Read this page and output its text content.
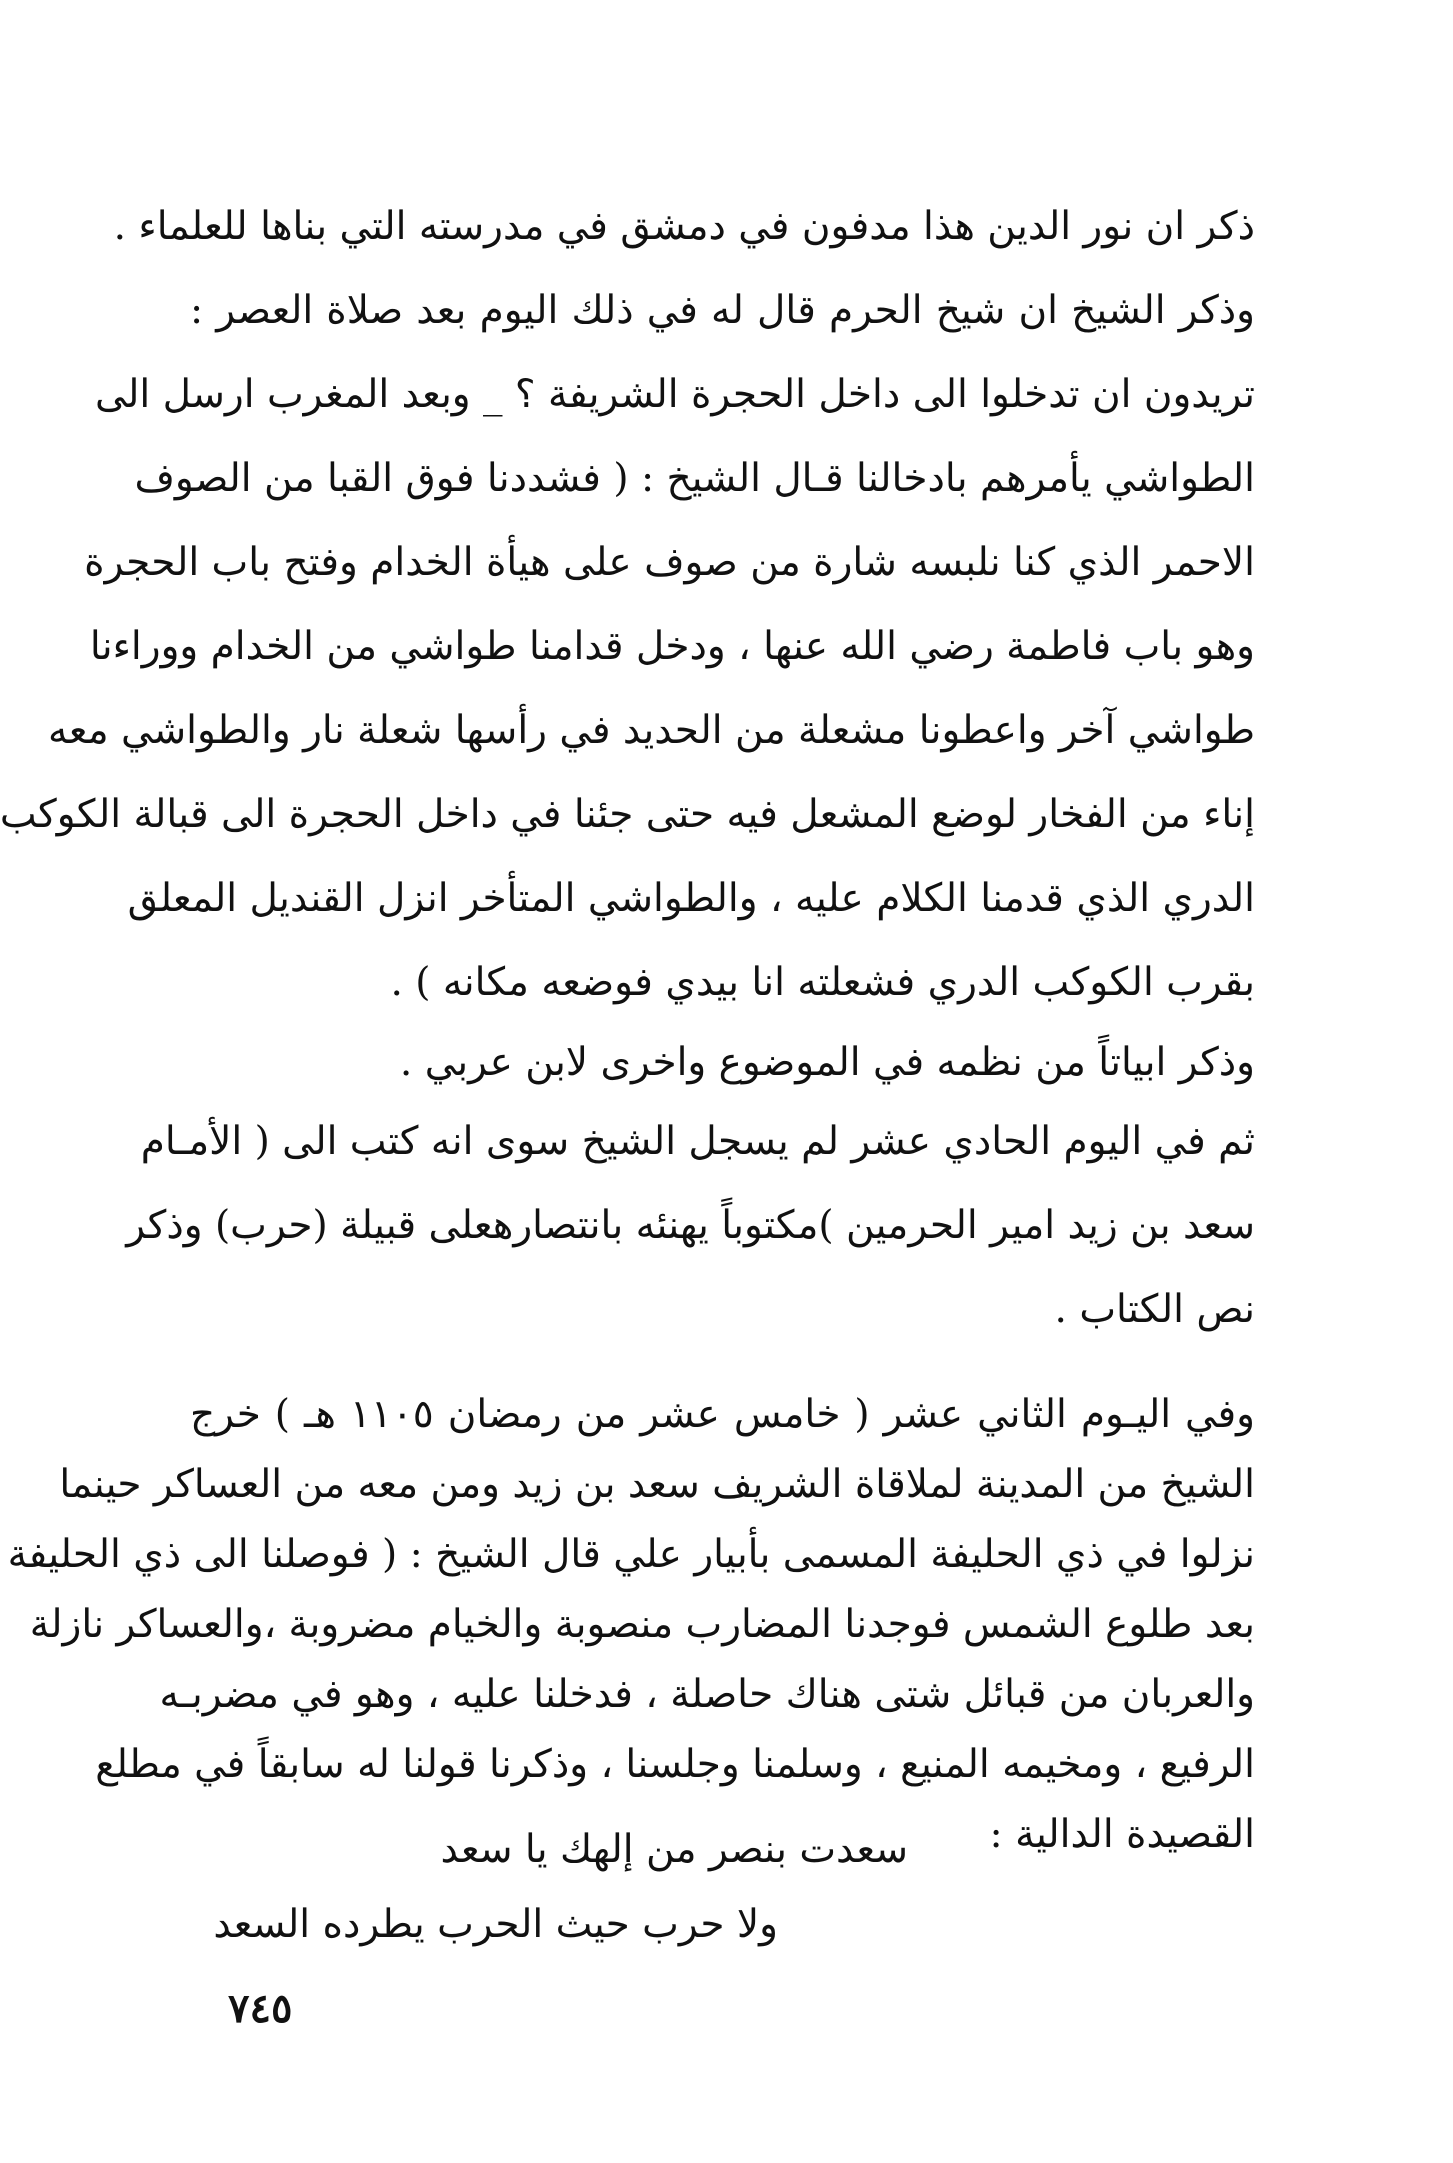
ذكر ان نور الدين هذا مدفون في دمشق في مدرسته التي بناها للعلماء .
وذكر الشيخ ان شيخ الحرم قال له في ذلك اليوم بعد صلاة العصر :
تريدون ان تدخلوا الى داخل الحجرة الشريفة ؟ _ وبعد المغرب ارسل الى
الطواشي يأمرهم بادخالنا قـال الشيخ : ( فشددنا فوق القبا من الصوف
الاحمر الذي كنا نلبسه شارة من صوف على هيأة الخدام وفتح باب الحجرة
وهو باب فاطمة رضي الله عنها ، ودخل قدامنا طواشي من الخدام ووراءنا
طواشي آخر واعطونا مشعلة من الحديد في رأسها شعلة نار والطواشي معه
إناء من الفخار لوضع المشعل فيه حتى جئنا في داخل الحجرة الى قبالة الكوكب
الدري الذي قدمنا الكلام عليه ، والطواشي المتأخر انزل القنديل المعلق
بقرب الكوكب الدري فشعلته انا بيدي فوضعه مكانه ) .
وذكر ابياتاً من نظمه في الموضوع واخرى لابن عربي .
ثم في اليوم الحادي عشر لم يسجل الشيخ سوى انه كتب الى ( الأمـام
سعد بن زيد امير الحرمين )مكتوباً يهنئه بانتصارهعلى قبيلة (حرب) وذكر
نص الكتاب .
وفي اليـوم الثاني عشر ( خامس عشر من رمضان ١١٠٥ هـ ) خرج
الشيخ من المدينة لملاقاة الشريف سعد بن زيد ومن معه من العساكر حينما
نزلوا في ذي الحليفة المسمى بأبيار علي قال الشيخ : ( فوصلنا الى ذي الحليفة
بعد طلوع الشمس فوجدنا المضارب منصوبة والخيام مضروبة ،والعساكر نازلة
والعربان من قبائل شتى هناك حاصلة ، فدخلنا عليه ، وهو في مضربـه
الرفيع ، ومخيمه المنيع ، وسلمنا وجلسنا ، وذكرنا قولنا له سابقاً في مطلع
القصيدة الدالية :
سعدت بنصر من إلهك يا سعد
ولا حرب حيث الحرب يطرده السعد
٧٤٥
